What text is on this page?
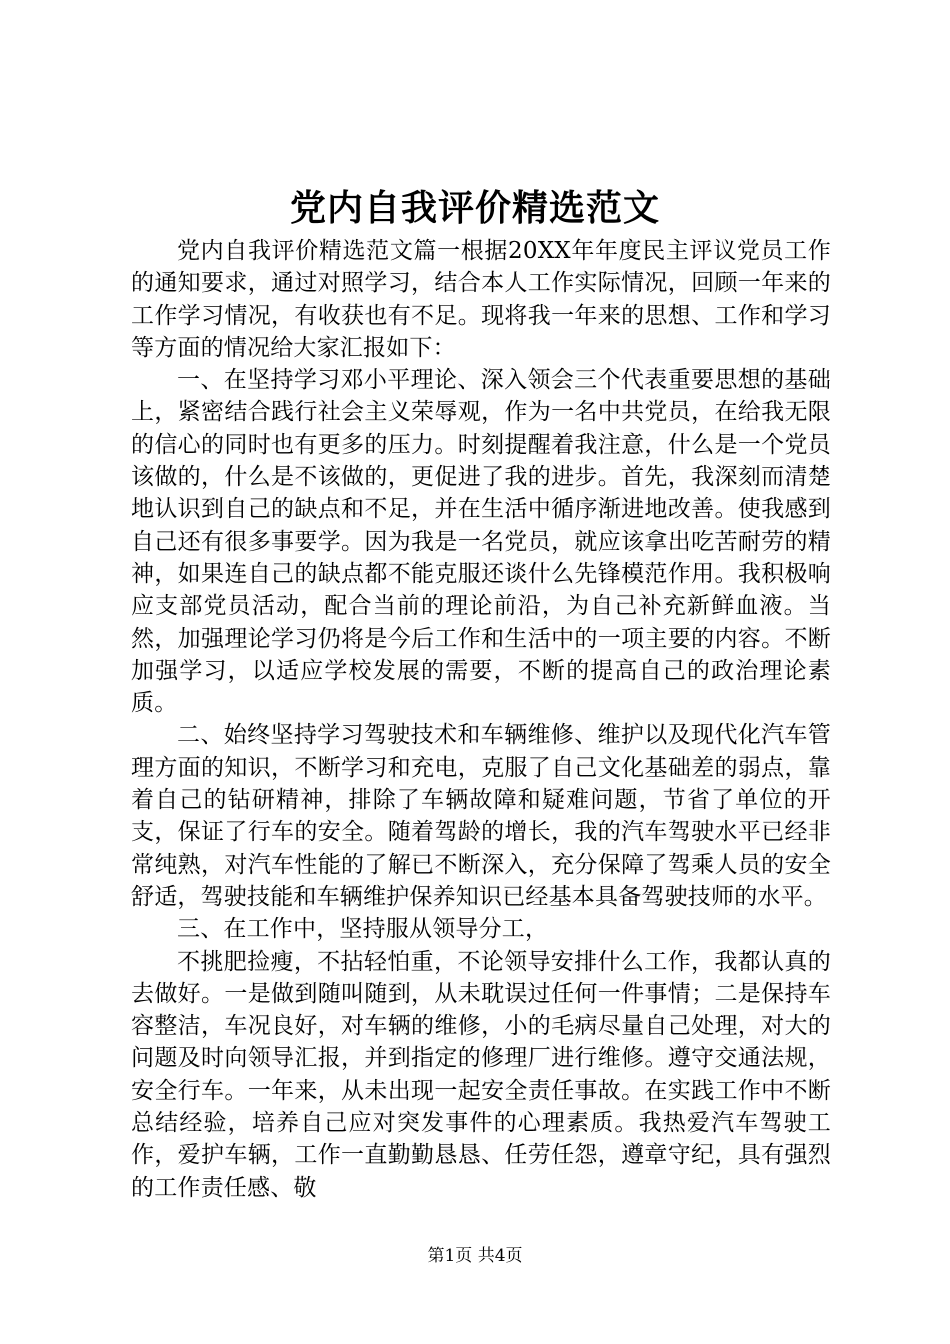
党内自我评价精选范文

党内自我评价精选范文篇一根据20XX年年度民主评议党员工作的通知要求，通过对照学习，结合本人工作实际情况，回顾一年来的工作学习情况，有收获也有不足。现将我一年来的思想、工作和学习等方面的情况给大家汇报如下：

一、在坚持学习邓小平理论、深入领会三个代表重要思想的基础上，紧密结合践行社会主义荣辱观，作为一名中共党员，在给我无限的信心的同时也有更多的压力。时刻提醒着我注意，什么是一个党员该做的，什么是不该做的，更促进了我的进步。首先，我深刻而清楚地认识到自己的缺点和不足，并在生活中循序渐进地改善。使我感到自己还有很多事要学。因为我是一名党员，就应该拿出吃苦耐劳的精神，如果连自己的缺点都不能克服还谈什么先锋模范作用。我积极响应支部党员活动，配合当前的理论前沿，为自己补充新鲜血液。当然，加强理论学习仍将是今后工作和生活中的一项主要的内容。不断加强学习，以适应学校发展的需要，不断的提高自己的政治理论素质。

二、始终坚持学习驾驶技术和车辆维修、维护以及现代化汽车管理方面的知识，不断学习和充电，克服了自己文化基础差的弱点，靠着自己的钻研精神，排除了车辆故障和疑难问题，节省了单位的开支，保证了行车的安全。随着驾龄的增长，我的汽车驾驶水平已经非常纯熟，对汽车性能的了解已不断深入，充分保障了驾乘人员的安全舒适，驾驶技能和车辆维护保养知识已经基本具备驾驶技师的水平。

三、在工作中，坚持服从领导分工，

不挑肥捡瘦，不拈轻怕重，不论领导安排什么工作，我都认真的去做好。一是做到随叫随到，从未耽误过任何一件事情；二是保持车容整洁，车况良好，对车辆的维修，小的毛病尽量自己处理，对大的问题及时向领导汇报，并到指定的修理厂进行维修。遵守交通法规，安全行车。一年来，从未出现一起安全责任事故。在实践工作中不断总结经验，培养自己应对突发事件的心理素质。我热爱汽车驾驶工作，爱护车辆，工作一直勤勤恳恳、任劳任怨，遵章守纪，具有强烈的工作责任感、敬

第1页 共4页
